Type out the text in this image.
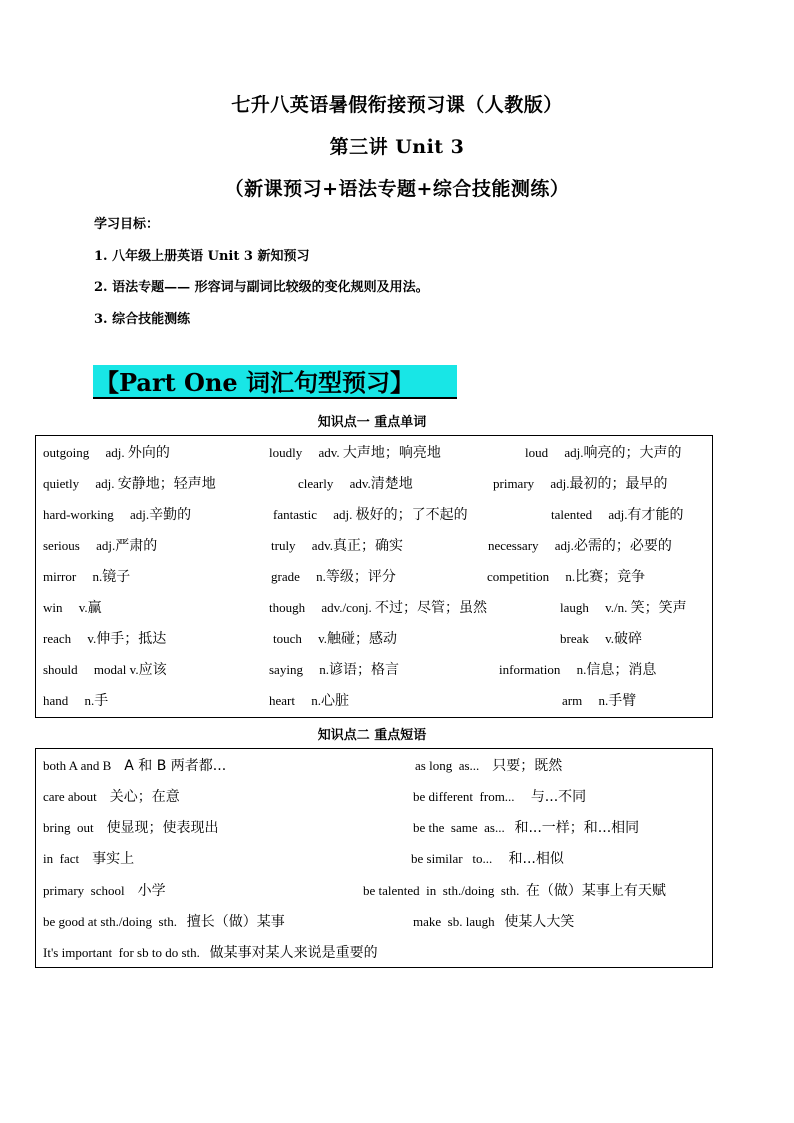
七升八英语暑假衔接预习课（人教版）
第三讲 Unit 3
（新课预习+语法专题+综合技能测练）
学习目标：
1. 八年级上册英语 Unit 3 新知预习
2. 语法专题—— 形容词与副词比较级的变化规则及用法。
3. 综合技能测练
【Part One 词汇句型预习】
知识点一 重点单词
outgoing     adj. 外向的	loudly     adv. 大声地；响亮地	loud     adj.响亮的；大声的
quietly     adj. 安静地；轻声地	clearly     adv.清楚地	primary     adj.最初的；最早的
hard-working     adj.辛勤的	fantastic     adj. 极好的；了不起的	talented     adj.有才能的
serious     adj.严肃的	truly     adv.真正；确实	necessary     adj.必需的；必要的
mirror     n.镜子	grade     n.等级；评分	competition     n.比赛；竞争
win     v.赢	though     adv./conj. 不过；尽管；虽然	laugh     v./n. 笑；笑声
reach     v.伸手；抵达	touch     v.触碰；感动	break     v.破碎
should     modal v.应该	saying     n.谚语；格言	information     n.信息；消息
hand     n.手	heart     n.心脏	arm     n.手臂
知识点二 重点短语
both A and B    A 和 B 两者都...	as long  as...    只要；既然
care about    关心；在意	be different  from...     与...不同
bring  out    使显现；使表现出	be the  same  as...   和...一样；和...相同
in  fact    事实上	be similar   to...     和...相似
primary  school    小学	be talented  in  sth./doing  sth.  在（做）某事上有天赋
be good at sth./doing  sth.   擅长（做）某事	make  sb. laugh   使某人大笑
It's important  for sb to do sth.   做某事对某人来说是重要的
